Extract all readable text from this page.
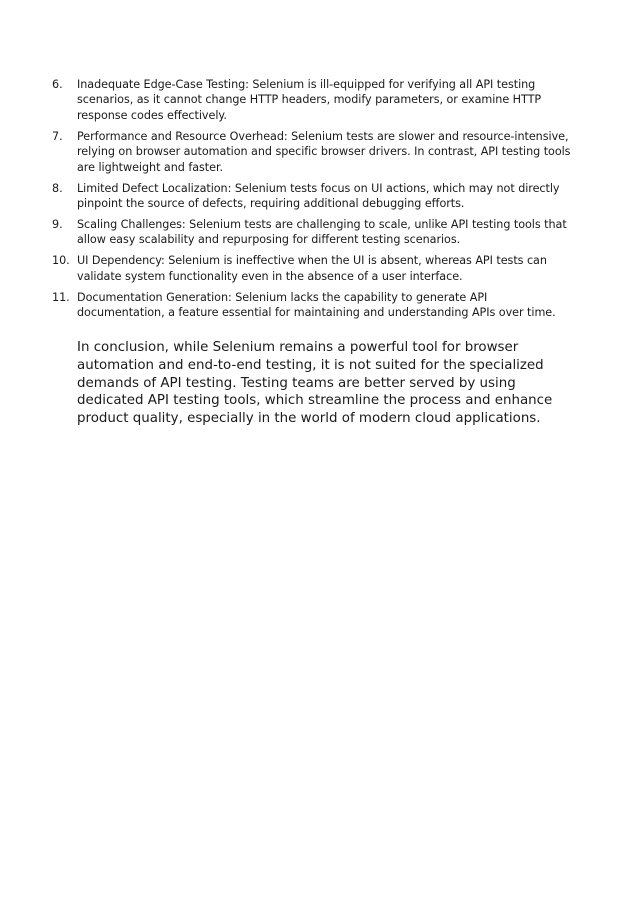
6.	Inadequate Edge-Case Testing: Selenium is ill-equipped for verifying all API testing scenarios, as it cannot change HTTP headers, modify parameters, or examine HTTP response codes effectively.
7.	Performance and Resource Overhead: Selenium tests are slower and resource-intensive, relying on browser automation and specific browser drivers. In contrast, API testing tools are lightweight and faster.
8.	Limited Defect Localization: Selenium tests focus on UI actions, which may not directly pinpoint the source of defects, requiring additional debugging efforts.
9.	Scaling Challenges: Selenium tests are challenging to scale, unlike API testing tools that allow easy scalability and repurposing for different testing scenarios.
10. UI Dependency: Selenium is ineffective when the UI is absent, whereas API tests can validate system functionality even in the absence of a user interface.
11. Documentation Generation: Selenium lacks the capability to generate API documentation, a feature essential for maintaining and understanding APIs over time.

In conclusion, while Selenium remains a powerful tool for browser automation and end-to-end testing, it is not suited for the specialized demands of API testing. Testing teams are better served by using dedicated API testing tools, which streamline the process and enhance product quality, especially in the world of modern cloud applications.
